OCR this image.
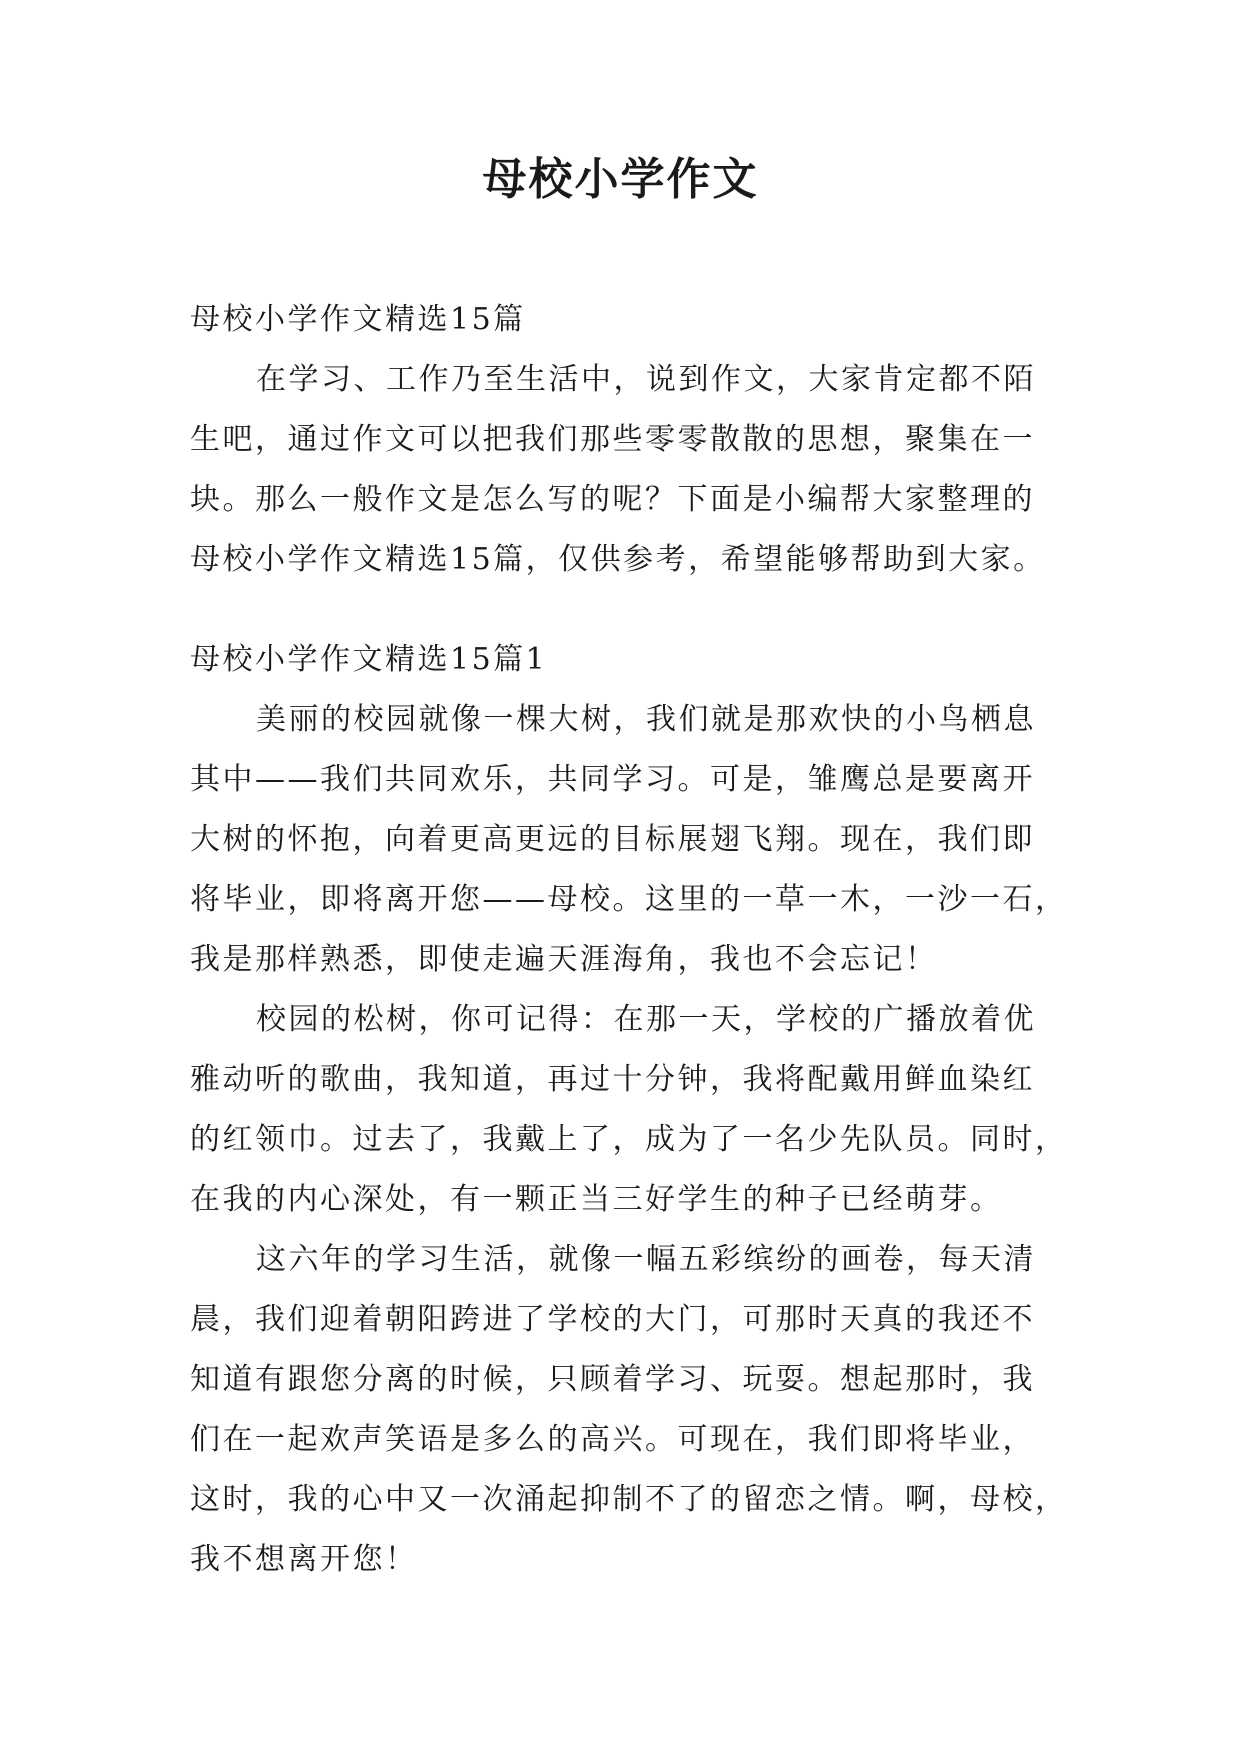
母校小学作文

母校小学作文精选15篇

在学习、工作乃至生活中，说到作文，大家肯定都不陌

生吧，通过作文可以把我们那些零零散散的思想，聚集在一

块。那么一般作文是怎么写的呢？下面是小编帮大家整理的

母校小学作文精选15篇，仅供参考，希望能够帮助到大家。

母校小学作文精选15篇1

美丽的校园就像一棵大树，我们就是那欢快的小鸟栖息

其中——我们共同欢乐，共同学习。可是，雏鹰总是要离开

大树的怀抱，向着更高更远的目标展翅飞翔。现在，我们即

将毕业，即将离开您——母校。这里的一草一木，一沙一石，

我是那样熟悉，即使走遍天涯海角，我也不会忘记！

校园的松树，你可记得：在那一天，学校的广播放着优

雅动听的歌曲，我知道，再过十分钟，我将配戴用鲜血染红

的红领巾。过去了，我戴上了，成为了一名少先队员。同时，

在我的内心深处，有一颗正当三好学生的种子已经萌芽。

这六年的学习生活，就像一幅五彩缤纷的画卷，每天清

晨，我们迎着朝阳跨进了学校的大门，可那时天真的我还不

知道有跟您分离的时候，只顾着学习、玩耍。想起那时，我

们在一起欢声笑语是多么的高兴。可现在，我们即将毕业，

这时，我的心中又一次涌起抑制不了的留恋之情。啊，母校，

我不想离开您！
